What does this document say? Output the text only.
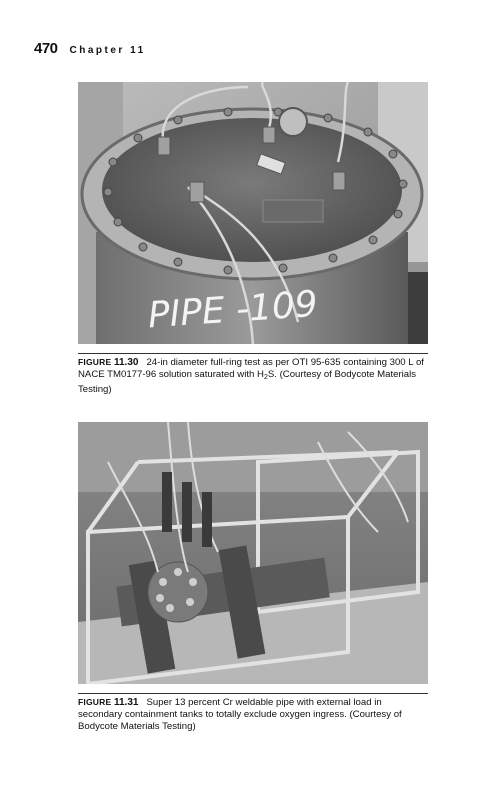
470 Chapter 11
PIPE -109
FIGURE 11.30 24-in diameter full-ring test as per OTI 95-635 containing 300 L of NACE TM0177-96 solution saturated with $H_2S$. (Courtesy of Bodycote Materials Testing)
FIGURE 11.31 Super 13 percent Cr weldable pipe with external load in secondary containment tanks to totally exclude oxygen ingress. (Courtesy of Bodycote Materials Testing)
